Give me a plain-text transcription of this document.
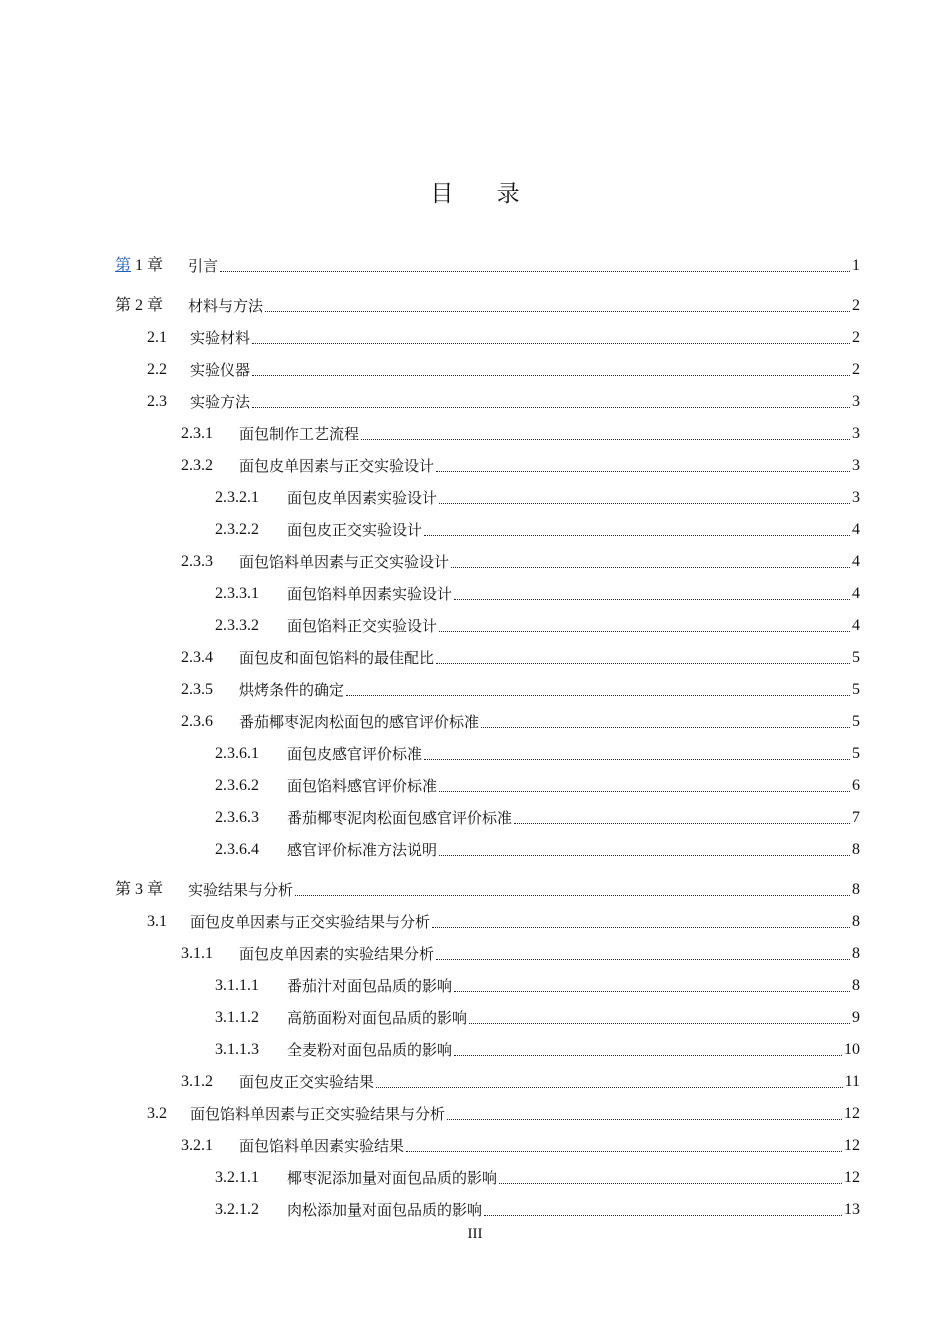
目 录
第 1 章	引言	1
第 2 章	材料与方法	2
2.1	实验材料	2
2.2	实验仪器	2
2.3	实验方法	3
2.3.1	面包制作工艺流程	3
2.3.2	面包皮单因素与正交实验设计	3
2.3.2.1	面包皮单因素实验设计	3
2.3.2.2	面包皮正交实验设计	4
2.3.3	面包馅料单因素与正交实验设计	4
2.3.3.1	面包馅料单因素实验设计	4
2.3.3.2	面包馅料正交实验设计	4
2.3.4	面包皮和面包馅料的最佳配比	5
2.3.5	烘烤条件的确定	5
2.3.6	番茄椰枣泥肉松面包的感官评价标准	5
2.3.6.1	面包皮感官评价标准	5
2.3.6.2	面包馅料感官评价标准	6
2.3.6.3	番茄椰枣泥肉松面包感官评价标准	7
2.3.6.4	感官评价标准方法说明	8
第 3 章	实验结果与分析	8
3.1	面包皮单因素与正交实验结果与分析	8
3.1.1	面包皮单因素的实验结果分析	8
3.1.1.1	番茄汁对面包品质的影响	8
3.1.1.2	高筋面粉对面包品质的影响	9
3.1.1.3	全麦粉对面包品质的影响	10
3.1.2	面包皮正交实验结果	11
3.2	面包馅料单因素与正交实验结果与分析	12
3.2.1	面包馅料单因素实验结果	12
3.2.1.1	椰枣泥添加量对面包品质的影响	12
3.2.1.2	肉松添加量对面包品质的影响	13
III
